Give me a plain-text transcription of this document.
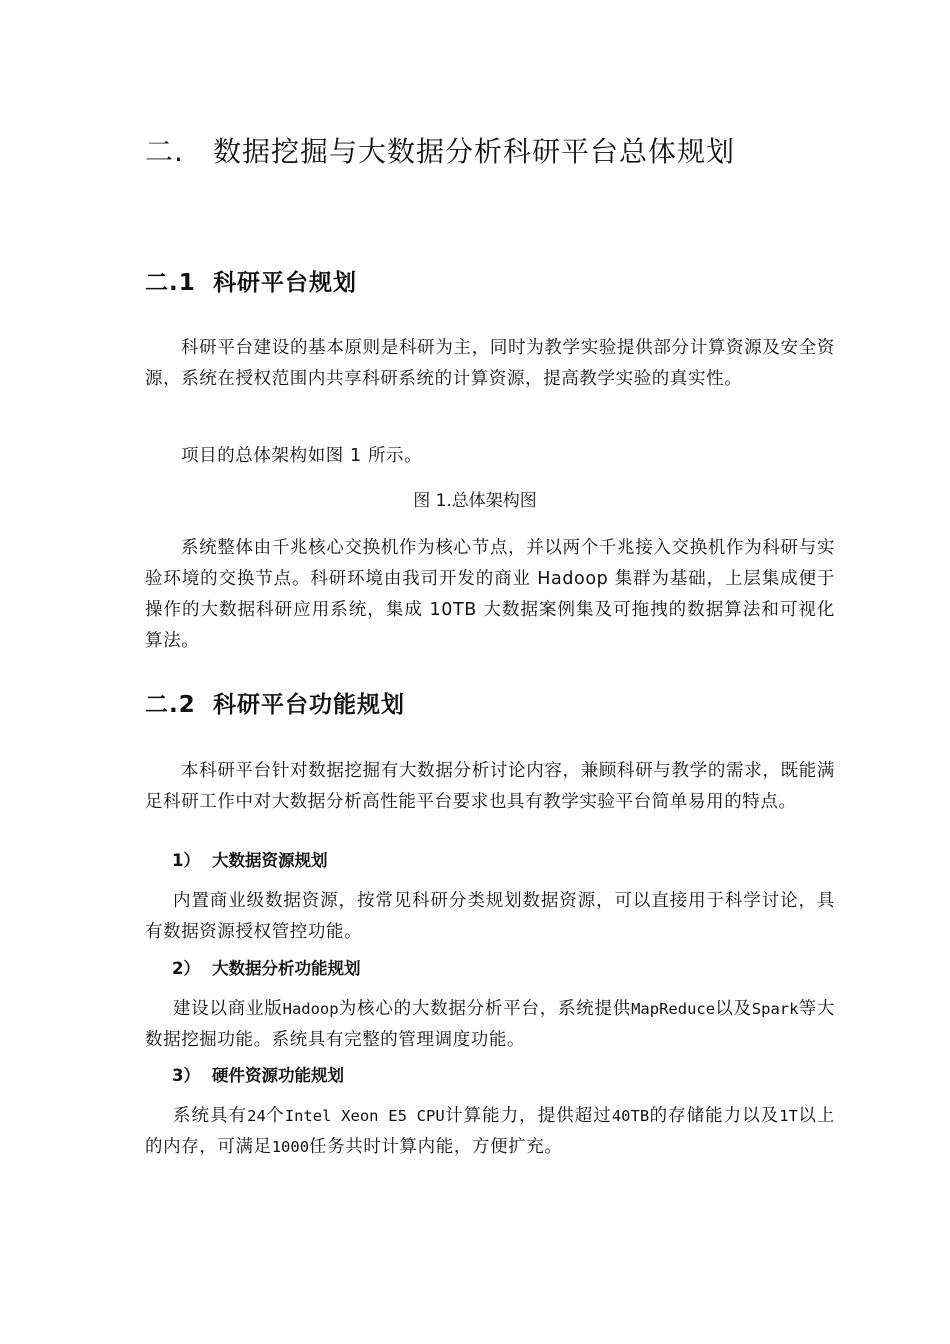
二. 数据挖掘与大数据分析科研平台总体规划
二.1 科研平台规划
科研平台建设的基本原则是科研为主，同时为教学实验提供部分计算资源及安全资源，系统在授权范围内共享科研系统的计算资源，提高教学实验的真实性。
项目的总体架构如图 1 所示。
图 1.总体架构图
系统整体由千兆核心交换机作为核心节点，并以两个千兆接入交换机作为科研与实验环境的交换节点。科研环境由我司开发的商业 Hadoop 集群为基础，上层集成便于操作的大数据科研应用系统，集成 10TB 大数据案例集及可拖拽的数据算法和可视化算法。
二.2 科研平台功能规划
本科研平台针对数据挖掘有大数据分析讨论内容，兼顾科研与教学的需求，既能满足科研工作中对大数据分析高性能平台要求也具有教学实验平台简单易用的特点。
1） 大数据资源规划
内置商业级数据资源，按常见科研分类规划数据资源，可以直接用于科学讨论，具有数据资源授权管控功能。
2） 大数据分析功能规划
建设以商业版Hadoop为核心的大数据分析平台，系统提供MapReduce以及Spark等大数据挖掘功能。系统具有完整的管理调度功能。
3） 硬件资源功能规划
系统具有24个Intel Xeon E5 CPU计算能力，提供超过40TB的存储能力以及1T以上的内存，可满足1000任务共时计算内能，方便扩充。
